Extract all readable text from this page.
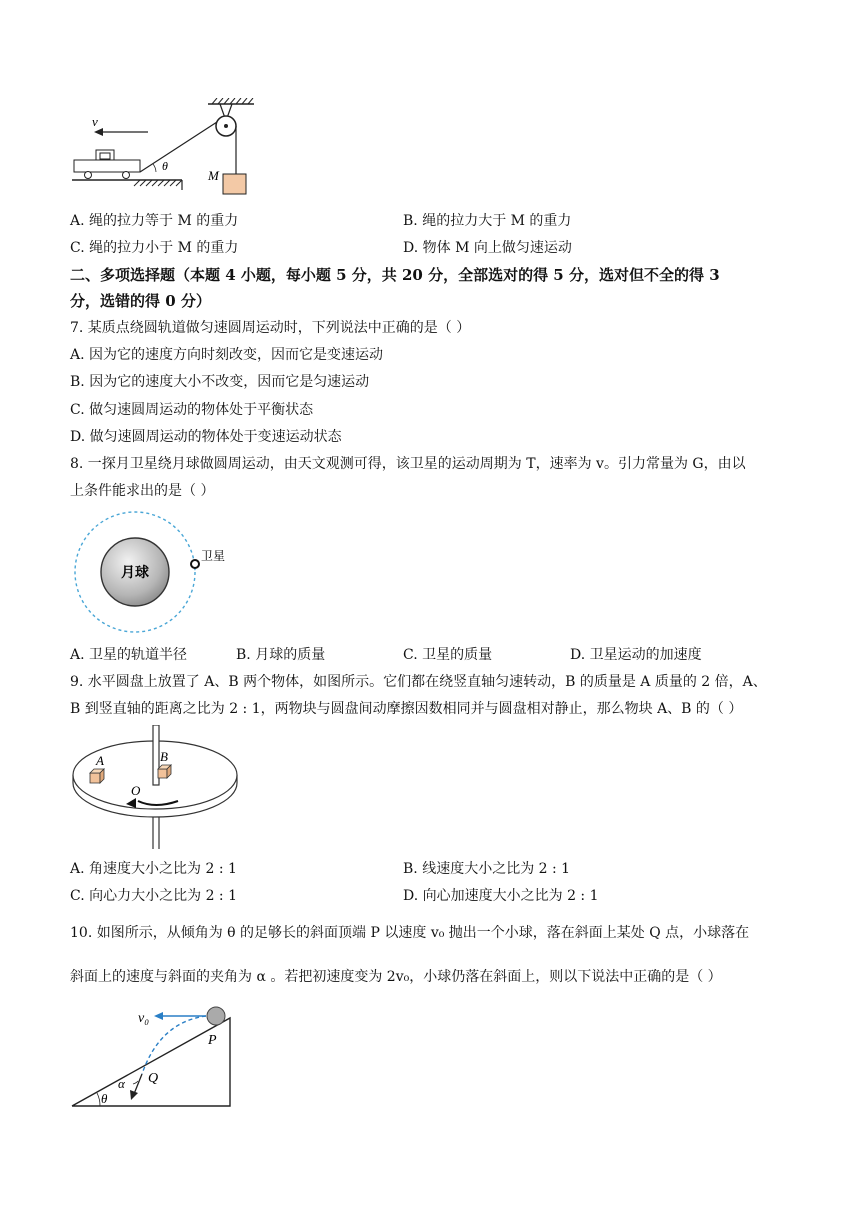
M
v
θ
A. 绳的拉力等于 M 的重力	B. 绳的拉力大于 M 的重力
C. 绳的拉力小于 M 的重力	D. 物体 M 向上做匀速运动
二、多项选择题（本题 4 小题，每小题 5 分，共 20 分，全部选对的得 5 分，选对但不全的得 3
分，选错的得 0 分）
7. 某质点绕圆轨道做匀速圆周运动时，下列说法中正确的是（ ）
A. 因为它的速度方向时刻改变，因而它是变速运动
B. 因为它的速度大小不改变，因而它是匀速运动
C. 做匀速圆周运动的物体处于平衡状态
D. 做匀速圆周运动的物体处于变速运动状态
8. 一探月卫星绕月球做圆周运动，由天文观测可得，该卫星的运动周期为 T，速率为 v。引力常量为 G，由以
上条件能求出的是（ ）
月球
卫星
A. 卫星的轨道半径	B. 月球的质量	C. 卫星的质量	D. 卫星运动的加速度
9. 水平圆盘上放置了 A、B 两个物体，如图所示。它们都在绕竖直轴匀速转动，B 的质量是 A 质量的 2 倍，A、
B 到竖直轴的距离之比为 2 : 1，两物块与圆盘间动摩擦因数相同并与圆盘相对静止，那么物块 A、B 的（ ）
A	B
O
A. 角速度大小之比为 2 : 1	B. 线速度大小之比为 2 : 1
C. 向心力大小之比为 2 : 1	D. 向心加速度大小之比为 2 : 1
10. 如图所示，从倾角为 θ 的足够长的斜面顶端 P 以速度 v₀ 抛出一个小球，落在斜面上某处 Q 点，小球落在
斜面上的速度与斜面的夹角为 α 。若把初速度变为 2v₀，小球仍落在斜面上，则以下说法中正确的是（ ）
v₀
α Q
P
θ
